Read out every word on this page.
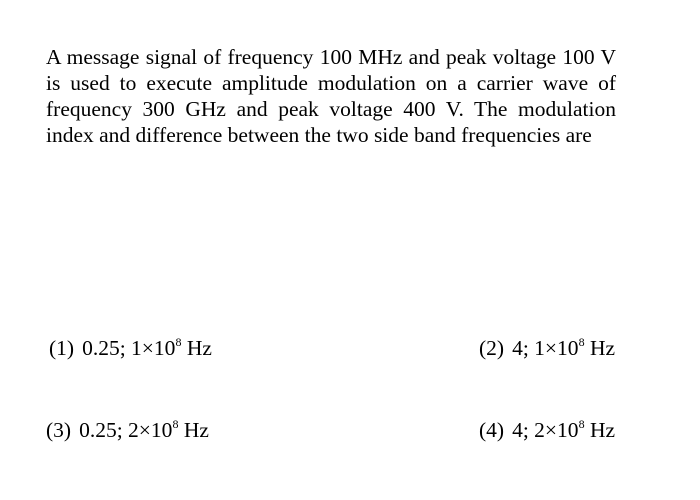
A message signal of frequency 100 MHz and peak voltage 100 V
is used to execute amplitude modulation on a carrier wave of
frequency 300 GHz and peak voltage 400 V. The modulation
index and difference between the two side band frequencies are
(1) 0.25; $1\times 10^8$ Hz	(2) 4; $1\times 10^8$ Hz
(3) 0.25; $2\times 10^8$ Hz	(4) 4; $2\times 10^8$ Hz
